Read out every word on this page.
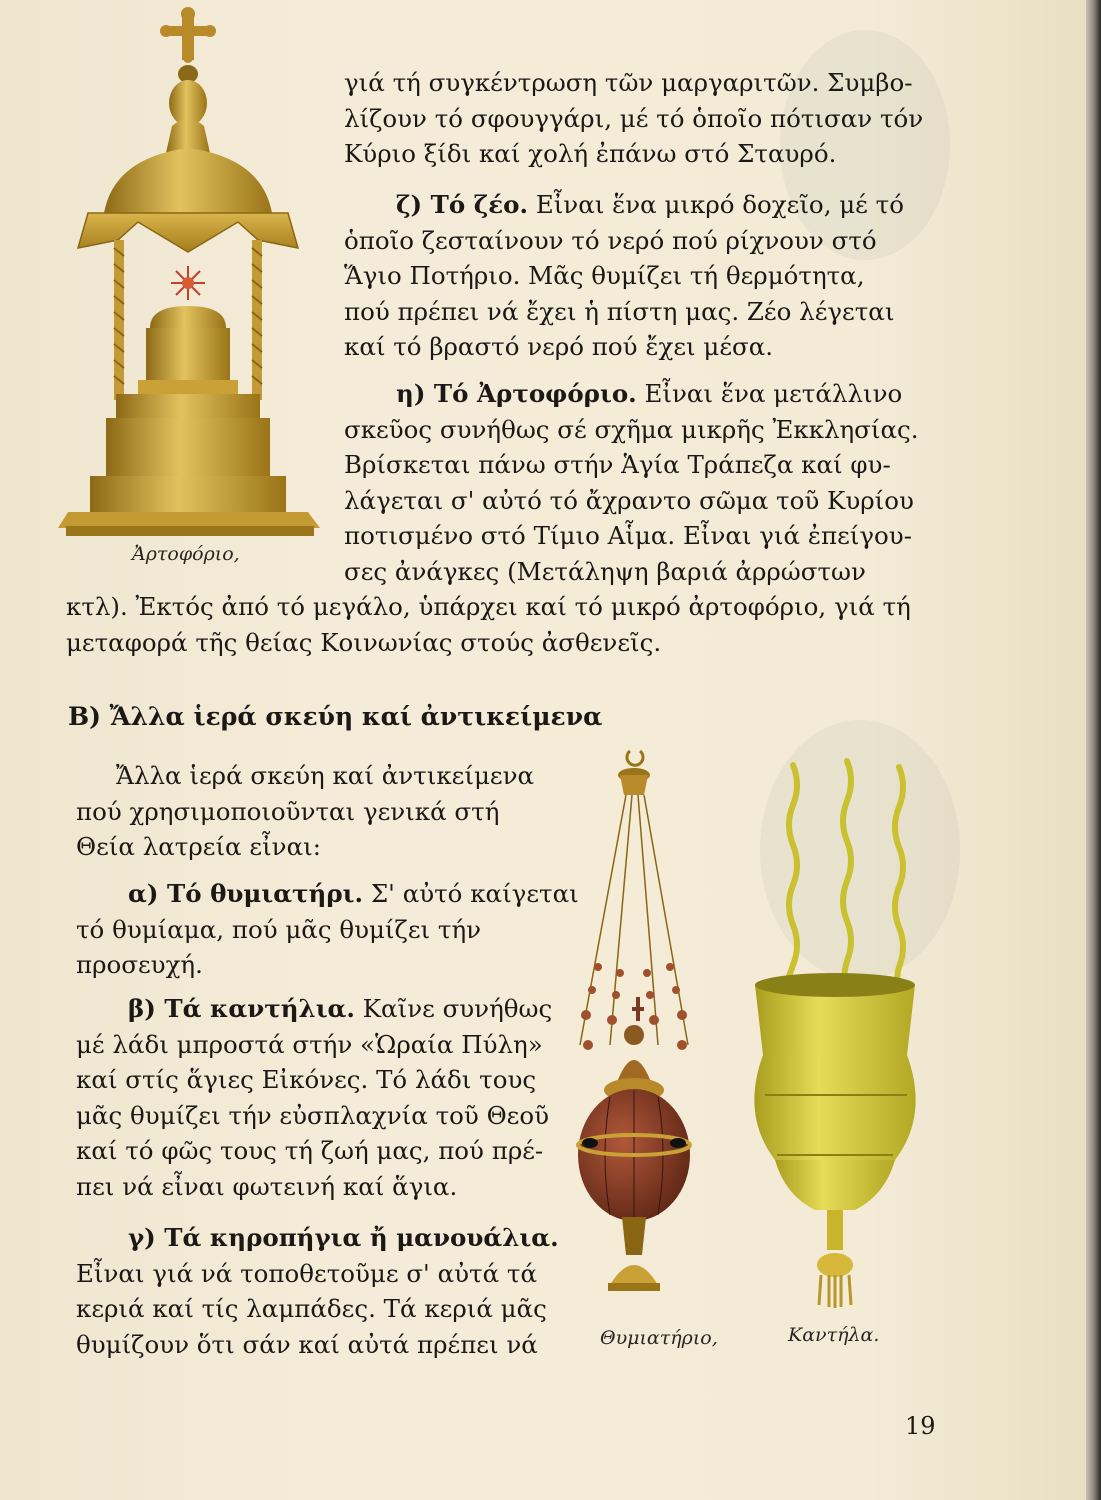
Ἀρτοφόριο,

γιά τή συγκέντρωση τῶν μαργαριτῶν. Συμβο-
λίζουν τό σφουγγάρι, μέ τό ὁποῖο πότισαν τόν
Κύριο ξίδι καί χολή ἐπάνω στό Σταυρό.

ζ) Τό ζέο. Εἶναι ἕνα μικρό δοχεῖο, μέ τό
ὁποῖο ζεσταίνουν τό νερό πού ρίχνουν στό
Ἅγιο Ποτήριο. Μᾶς θυμίζει τή θερμότητα,
πού πρέπει νά ἔχει ἡ πίστη μας. Ζέο λέγεται
καί τό βραστό νερό πού ἔχει μέσα.

η) Τό Ἀρτοφόριο. Εἶναι ἕνα μετάλλινο
σκεῦος συνήθως σέ σχῆμα μικρῆς Ἐκκλησίας.
Βρίσκεται πάνω στήν Ἁγία Τράπεζα καί φυ-
λάγεται σ' αὐτό τό ἄχραντο σῶμα τοῦ Κυρίου
ποτισμένο στό Τίμιο Αἷμα. Εἶναι γιά ἐπείγου-
σες ἀνάγκες (Μετάληψη βαριά ἀρρώστων

κτλ). Ἐκτός ἀπό τό μεγάλο, ὑπάρχει καί τό μικρό ἀρτοφόριο, γιά τή
μεταφορά τῆς θείας Κοινωνίας στούς ἀσθενεῖς.

Β) Ἄλλα ἱερά σκεύη καί ἀντικείμενα

Ἄλλα ἱερά σκεύη καί ἀντικείμενα
πού χρησιμοποιοῦνται γενικά στή
Θεία λατρεία εἶναι:

α) Τό θυμιατήρι. Σ' αὐτό καίγεται
τό θυμίαμα, πού μᾶς θυμίζει τήν
προσευχή.

β) Τά καντήλια. Καῖνε συνήθως
μέ λάδι μπροστά στήν «Ὡραία Πύλη»
καί στίς ἅγιες Εἰκόνες. Τό λάδι τους
μᾶς θυμίζει τήν εὐσπλαχνία τοῦ Θεοῦ
καί τό φῶς τους τή ζωή μας, πού πρέ-
πει νά εἶναι φωτεινή καί ἅγια.

γ) Τά κηροπήγια ἤ μανουάλια.
Εἶναι γιά νά τοποθετοῦμε σ' αὐτά τά
κεριά καί τίς λαμπάδες. Τά κεριά μᾶς
θυμίζουν ὅτι σάν καί αὐτά πρέπει νά	Θυμιατήριο,	Καντήλα.

19
